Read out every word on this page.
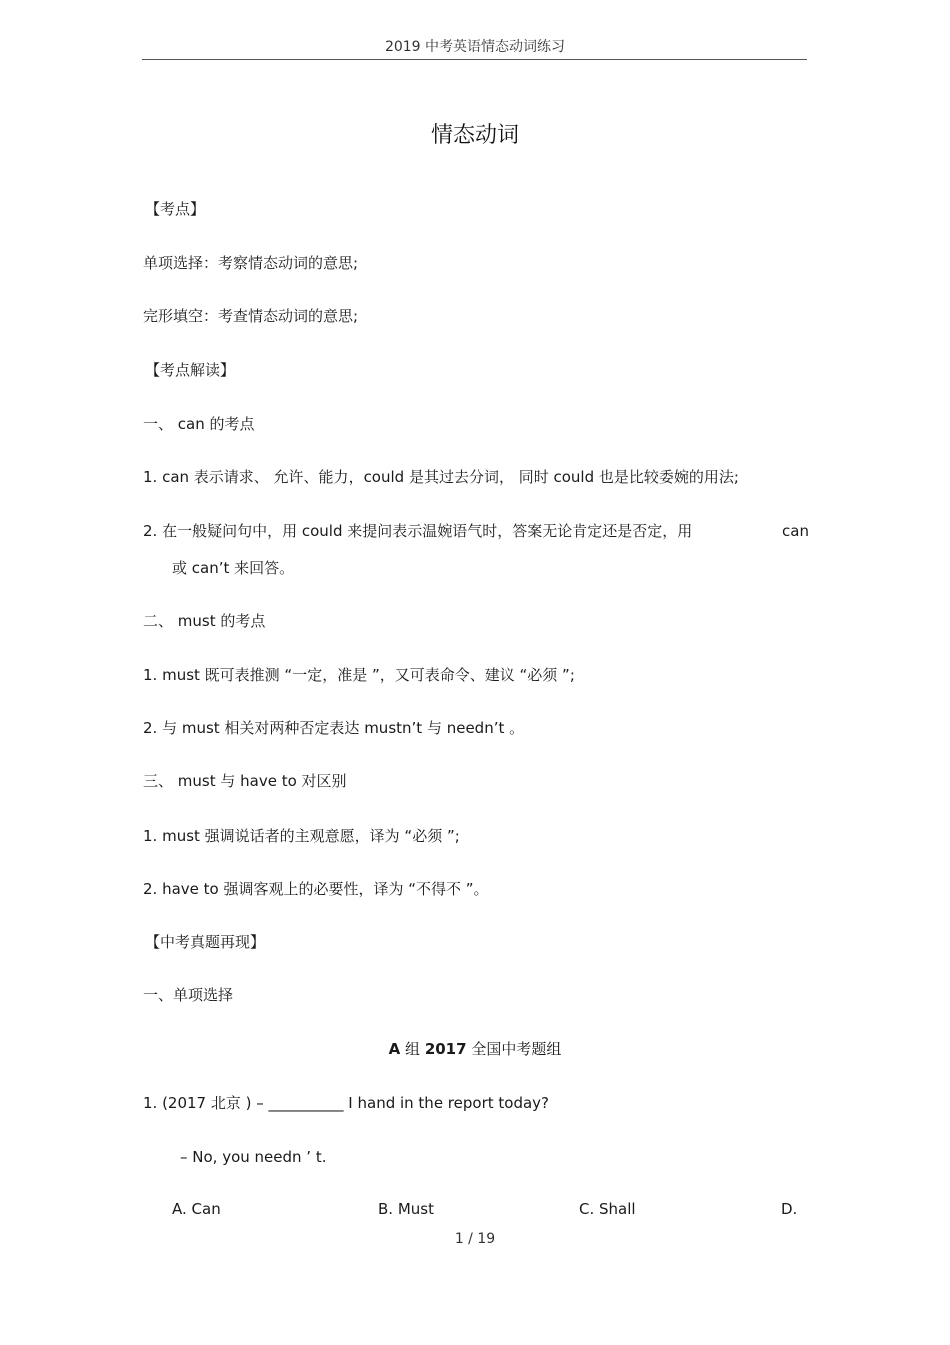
2019 中考英语情态动词练习
情态动词
【考点】
单项选择：考察情态动词的意思;
完形填空：考查情态动词的意思;
【考点解读】
一、 can 的考点
1. can 表示请求、 允许、能力，could 是其过去分词， 同时 could 也是比较委婉的用法;
2. 在一般疑问句中，用 could 来提问表示温婉语气时，答案无论肯定还是否定，用	can
或 can’t 来回答。
二、 must 的考点
1. must 既可表推测 “一定，准是 ”，又可表命令、建议 “必须 ”;
2. 与 must 相关对两种否定表达 mustn’t 与 needn’t 。
三、 must 与 have to 对区别
1. must 强调说话者的主观意愿，译为 “必须 ”;
2. have to 强调客观上的必要性，译为 “不得不 ”。
【中考真题再现】
一、单项选择
A 组 2017 全国中考题组
1. (2017 北京 ) – __________ I hand in the report today?
– No, you needn ’ t.
A. Can	B. Must	C. Shall	D.
1 / 19
